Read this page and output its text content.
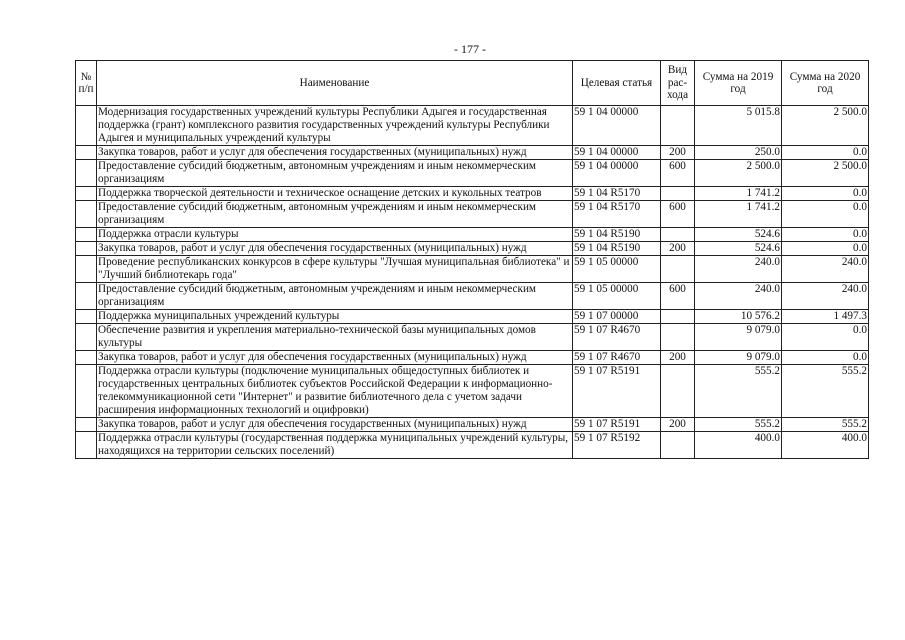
- 177 -
№ п/п	Наименование	Целевая статья	Вид рас-хода	Сумма на 2019 год	Сумма на 2020 год
	Модернизация государственных учреждений культуры Республики Адыгея и государственная поддержка (грант) комплексного развития государственных учреждений культуры Республики Адыгея и муниципальных учреждений культуры	59 1 04 00000		5 015.8	2 500.0
	Закупка товаров, работ и услуг для обеспечения государственных (муниципальных) нужд	59 1 04 00000	200	250.0	0.0
	Предоставление субсидий бюджетным, автономным учреждениям и иным некоммерческим организациям	59 1 04 00000	600	2 500.0	2 500.0
	Поддержка творческой деятельности и техническое оснащение детских и кукольных театров	59 1 04 R5170		1 741.2	0.0
	Предоставление субсидий бюджетным, автономным учреждениям и иным некоммерческим организациям	59 1 04 R5170	600	1 741.2	0.0
	Поддержка отрасли культуры	59 1 04 R5190		524.6	0.0
	Закупка товаров, работ и услуг для обеспечения государственных (муниципальных) нужд	59 1 04 R5190	200	524.6	0.0
	Проведение республиканских конкурсов в сфере культуры "Лучшая муниципальная библиотека" и "Лучший библиотекарь года"	59 1 05 00000		240.0	240.0
	Предоставление субсидий бюджетным, автономным учреждениям и иным некоммерческим организациям	59 1 05 00000	600	240.0	240.0
	Поддержка муниципальных учреждений культуры	59 1 07 00000		10 576.2	1 497.3
	Обеспечение развития и укрепления материально-технической базы муниципальных домов культуры	59 1 07 R4670		9 079.0	0.0
	Закупка товаров, работ и услуг для обеспечения государственных (муниципальных) нужд	59 1 07 R4670	200	9 079.0	0.0
	Поддержка отрасли культуры (подключение муниципальных общедоступных библиотек и государственных центральных библиотек субъектов Российской Федерации к информационно-телекоммуникационной сети "Интернет" и развитие библиотечного дела с учетом задачи расширения информационных технологий и оцифровки)	59 1 07 R5191		555.2	555.2
	Закупка товаров, работ и услуг для обеспечения государственных (муниципальных) нужд	59 1 07 R5191	200	555.2	555.2
	Поддержка отрасли культуры (государственная поддержка муниципальных учреждений культуры, находящихся на территории сельских поселений)	59 1 07 R5192		400.0	400.0
